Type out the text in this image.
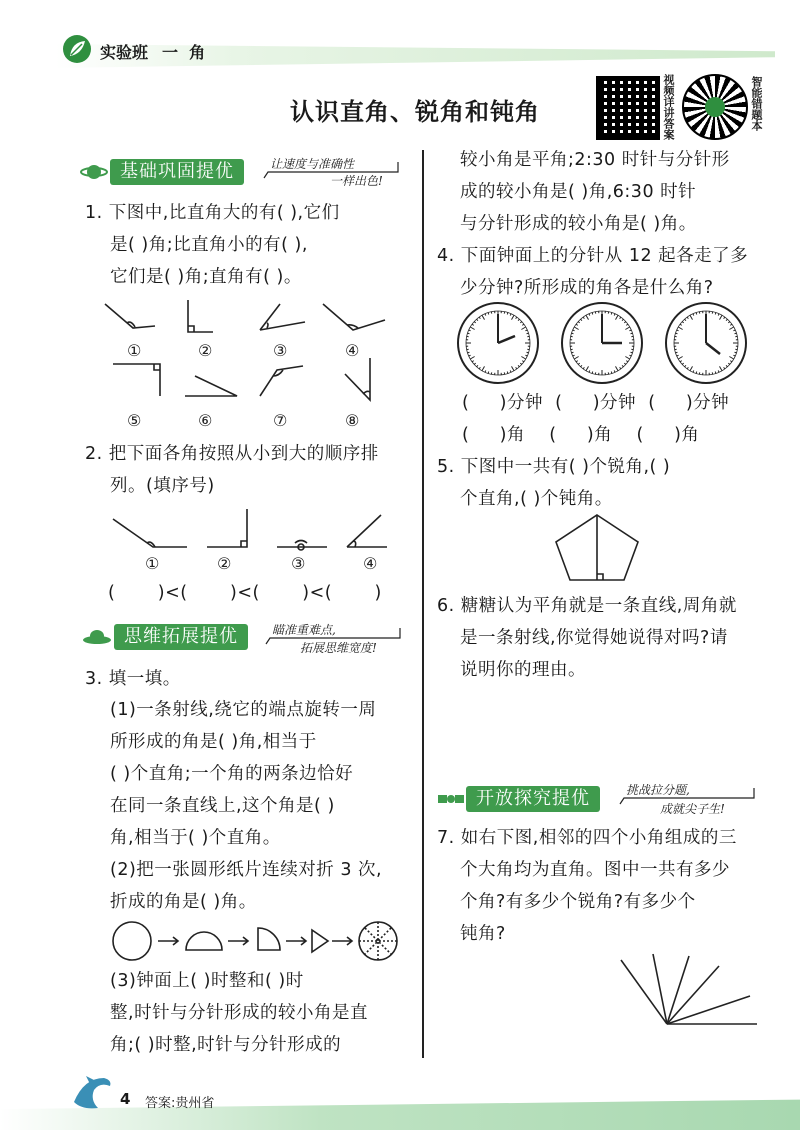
实验班 一  角
认识直角、锐角和钝角	视频详讲答案	智能错题本
基础巩固提优	让速度与准确性
一样出色!
1. 下图中,比直角大的有( ),它们
是( )角;比直角小的有( ),
它们是( )角;直角有( )。
①	②	③	④
⑤	⑥	⑦	⑧
2. 把下面各角按照从小到大的顺序排
列。(填序号)
①	②	③	④
(       )<(       )<(       )<(       )
思维拓展提优	瞄准重难点,
拓展思维宽度!
3. 填一填。
(1)一条射线,绕它的端点旋转一周
所形成的角是( )角,相当于
( )个直角;一个角的两条边恰好
在同一条直线上,这个角是( )
角,相当于( )个直角。
(2)把一张圆形纸片连续对折 3 次,
折成的角是( )角。
(3)钟面上( )时整和( )时
整,时针与分针形成的较小角是直
角;( )时整,时针与分针形成的
较小角是平角;2:30 时针与分针形
成的较小角是( )角,6:30 时针
与分针形成的较小角是( )角。
4. 下面钟面上的分针从 12 起各走了多
少分钟?所形成的角各是什么角?
(     )分钟  (     )分钟  (     )分钟
(     )角    (     )角    (     )角
5. 下图中一共有( )个锐角,( )
个直角,( )个钝角。
6. 糖糖认为平角就是一条直线,周角就
是一条射线,你觉得她说得对吗?请
说明你的理由。
开放探究提优	挑战拉分题,
成就尖子生!
7. 如右下图,相邻的四个小角组成的三
个大角均为直角。图中一共有多少
个角?有多少个锐角?有多少个
钝角?
4 答案:贵州省
